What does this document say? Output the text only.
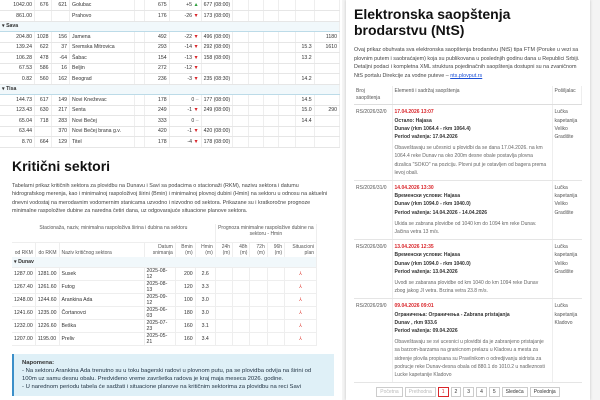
1042.00	676	621	Golubac		675	+5 ▲	677 (08:00)						
861.00			Prahovo		176	-26 ▼	173 (08:00)						
▾ Sava													
204.80	1028	156	Jamena		492	-22 ▼	496 (08:00)						1180
139.24	622	37	Sremska Mitrovica		293	-14 ▼	292 (08:00)					15.3	1610
106.28	478	-64	Šabac		154	-13 ▼	158 (08:00)					13.2	
67.53	586	16	Beljin		272	-12 ▼							
0.82	560	162	Beograd		236	-3 ▼	235 (08:30)					14.2	
▾ Tisa													
144.73	617	149	Novi Kneževac		178	0 –	177 (08:00)					14.5	
123.43	630	217	Senta		249	-1 ▼	249 (08:00)					15.0	290
65.04	718	283	Novi Bečej		333	0 –						14.4	
63.44		370	Novi Bečej brana g.v.		420	-1 ▼	420 (08:00)						
8.70	664	129	Titel		178	-4 ▼	178 (08:00)						
Kritični sektori

Tabelarni prikaz kritičnih sektora za plovidbu na Dunavu i Savi sa podacima o stacionaži (RKM), nazivu sektora i datumu hidrografskog merenja, kao i minimalnoj raspoloživoj širini (Bmin) i minimalnoj plovnoj dubini (Hmin) na sektoru u odnosu na aktuelni dnevni vodostaj na merodavnim vodomernim stanicama uzvodno i nizvodno od sektora. Prikazane su i kratkoročne prognoze minimalne raspoložive dubine za naredna četiri dana, uz odgovarajuće situacione planove sektora.

Stacionaža, naziv, minimalna raspoloživa širina i dubina na sektoru						Prognoza minimalne raspoložive dubine na sektoru - Hmin				
od RKM	do RKM	Naziv kritičnog sektora	Datum snimanja	Bmin (m)	Hmin (m)	24h (m)	48h (m)	72h (m)	96h (m)	Situacioni plan
▾ Dunav										
1287.00	1281.00	Susek	2025-08-12	200	2.6					⅄
1267.40	1261.60	Futog	2025-08-13	120	3.3					⅄
1248.00	1244.60	Arankina Ada	2025-09-12	100	3.0					⅄
1241.60	1235.00	Čortanovci	2025-06-03	180	3.0					⅄
1232.00	1226.60	Beška	2025-07-23	160	3.1					⅄
1207.00	1195.00	Preliv	2025-05-21	160	3.4					⅄
Napomena:
- Na sektoru Arankina Ada trenutno su u toku bagerski radovi u plovnom putu, pa se plovidba odvija na širini od 100m uz samu desnu obalu. Predviđeno vreme završetka radova je kraj maja meseca 2026. godine.
- U narednom periodu tabela će sadžati i situacione planove na kritičnim sektorima za plovidbu na reci Savi
Elektronska saopštenja brodarstvu (NtS)

Ovaj prikaz obuhvata sva elektronska saopštenja brodarstvu (NtS) tipa FTM (Poruke u vezi sa plovnim putem i saobraćajem) koja su publikovana u poslednjih godinu dana u Republici Srbiji. Detaljni podaci i kompletna XML struktura pojedinačnih saopštenja dostupni su na zvaničnom NtS portalu Direkcije za vodne puteve – nts.plovput.rs

Broj saopštenja	Elementi i sadržaj saopštenja	Pošiljalac
RS/2026/32/0	17.04.2026 13:07
Остало: Hajasa
Dunav (rkm 1064.4 - rkm 1064.4)
Period važenja: 17.04.2026
Obaveštavaju se učesnici u plovidbi da se dana 17.04.2026. na km 1064.4 reke Dunav na oko 200m desne obale postavlja plovna dizalica "SOKO" na poziciju. Plovni put je ostavljen od bagera prema levoj obali.	Lučka kapetanija Veliko Gradište
RS/2026/31/0	14.04.2026 13:30
Временски услови: Hajasa
Dunav (rkm 1094.0 - rkm 1040.0)
Period važenja: 14.04.2026 - 14.04.2026
Ukida se zabrana plovidbe od 1040 km do 1094 km reke Dunav. Jačina vetra 13 m/s.	Lučka kapetanija Veliko Gradište
RS/2026/30/0	13.04.2026 12:35
Временски услови: Hajasa
Dunav (rkm 1094.0 - rkm 1040.0)
Period važenja: 13.04.2026
Uvodi se zabarana plovidbe od km 1040 do km 1094 reke Dunav zbog jakog JI vetra. Brzina vetra 23.8 m/s.	Lučka kapetanija Veliko Gradište
RS/2026/29/0	09.04.2026 09:01
Ограничења: Ограничења - Zabrana pristajanja
Dunav , rkm 933.6
Period važenja: 09.04.2026
Obaveštavaju se svi ucesnici u plovidbi da je zabranjeno pristajanje sa barzom-barzama na granicnom prelazu u Kladovu a mesta za sidrenje plovila propisana su Pravilnikom o odredjivanju sidrista za podrucje reke Dunav-desna obala od 880.1 do 1010.2 u nadleznosti Lucke kapetanije Kladovo	Lučka kapetanija Kladovo
Početna	Prethodna	1	2	3	4	5	Sledeća	Poslednja
